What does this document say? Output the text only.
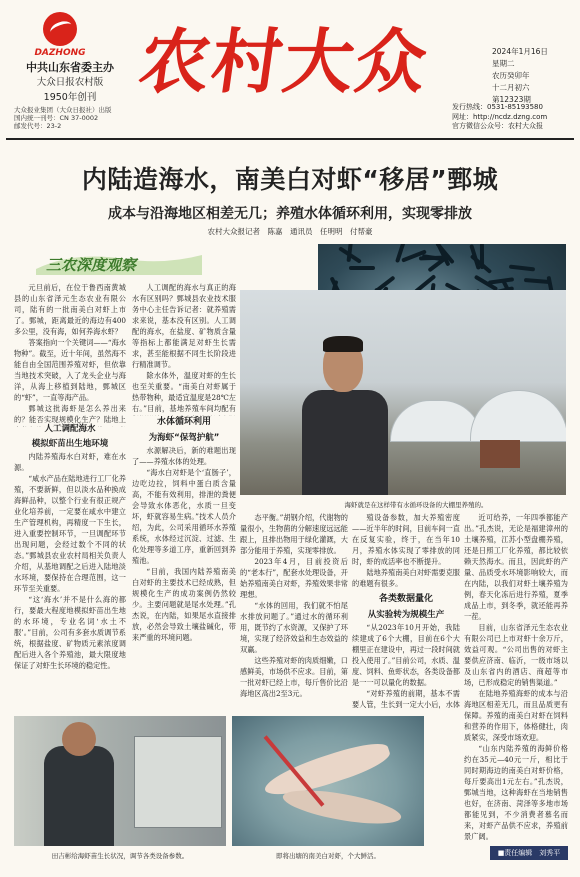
DAZHONG
中共山东省委主办
大众日报农村版
1950年创刊
大众报业集团（大众日报社）出版
国内统一刊号：CN 37-0002
邮发代号：23-2
农村大众	2024年1月16日
星期二
农历癸卯年
十二月初六
第12323期
发行热线：0531-85193580
网址：http://ncdz.dzng.com
官方微信公众号：农村大众报
内陆造海水，南美白对虾“移居”鄄城
成本与沿海地区相差无几；养殖水体循环利用，实现零排放
农村大众报记者　陈嘉　通讯员　任明明　付帮豪
三农深度观察

元旦前后，在位于鲁西南黄城县的山东省泽元生态农业有限公司，陆有的一批南美白对虾上市了。鄄城，距离最近的海边有400多公里，没有海，如何养海水虾？

答案指向一个关键词——“海水物种”。截至，近十年间，虽然海不能自由全国范围养殖对虾，但依靠当地技术突破，入了龙头企业与海洋，从海上移植到陆地，鄄城区的“虾”，一直等海产品。

鄄城这批海虾是怎么养出来的？能否实现规模化生产？陆地上

人工调配海水
模拟虾苗出生地环境

内陆养殖海水白对虾，难在水源。

“咸水产品在陆地进行工厂化养殖，不要新鲜，但以淡水品种换成海鲜品种，以整个行业有很正规产业化培养前，一定要在咸水中建立生产管理机构，再精度一下生长，进入重要控制环节，一旦调配环节出现问题，会经过数个不同的状态。”鄄城县农业农村局相关负责人介绍，从基地调配之后进入陆地淡水环境，要保持在合理范围，这一环节至关重要。

“这‘海水’并不是什么海的都行，要最大程度地模拟虾苗出生地的水环境，专业名词‘水土不服’。”目前，公司有多套水质调节系统，根据盐度、矿物质元素浓度调配后进入各个养殖池，最大限度地保证了对虾生长环境的稳定性。

人工调配的海水与真正的海水有区别吗？鄄城县农业技术服务中心主任告诉记者：就养殖需求来说，基本没有区别。人工调配的海水，在盐度、矿物质含量等指标上都能满足对虾生长需求，甚至能根据不同生长阶段进行精准调节。

除水体外，温度对虾的生长也至关重要。“南美白对虾属于热带物种，最适宜温度是28℃左右。”目前，基地养殖车间均配有

水体循环利用
为海虾“保驾护航”

水源解决后，新的难题出现了——养殖水体的处理。

“海水白对虾是个‘直肠子’，边吃边拉，饲料中蛋白质含量高，不能有效利用，排泄的粪便会导致水体恶化，水质一旦变坏，虾就容易生病。”技术人员介绍，为此，公司采用循环水养殖系统，水体经过沉淀、过滤、生化处理等多道工序，重新回到养殖池。

“目前，我国内陆养殖南美白对虾的主要技术已经成熟，但规模化生产的成功案例仍然较少。主要问题就是尾水处理。”孔杰说，在内陆，如果尾水直接排放，必然会导致土壤盐碱化，带来严重的环境问题。

海虾就是在这样带有水循环设备的大棚里养殖的。

态平衡。”胡钢介绍，代谢物的量很小，生物菌的分解速度远远能跟上，且排出物用于绿化灌溉，大部分能用于养殖，实现零排放。

2023年4月，目前投资后的“老本行”，配套水处理设备，开始养殖南美白对虾，养殖效果非常理想。

“水体的回用，我们就不怕尾水排放问题了。”通过水的循环利用，既节约了水资源，又保护了环境，实现了经济效益和生态效益的双赢。

这些养殖对虾的肉质细嫩，口感鲜美，市场供不应求。目前，第一批对虾已经上市，每斤售价比沿海地区高出2至3元。

殖设备参数，加大养殖密度——近半年的时间，目前车间一直在反复实验，终于，在当年10月，养殖水体实现了零排放的同时，虾的成活率也不断提升。

陆地养殖南美白对虾需要克服的难题有很多。

各类数据量化
从实验转为规模生产

“从2023年10月开始，我陆续建成了6个大棚，目前在6个大棚里正在建设中，再过一段时间就投入使用了。”目前公司，水质、温度、饲料、鱼虾状态，各类设备都是一一可以量化的数据。

“对虾养殖的前期，基本不需要人管，生长到一定大小后，水体

近可给养，一年四季都能产出。”孔杰说，无论是福建漳州的土壤养殖，江苏小型盘棚养殖，还是日照工厂化养殖，都比较依赖天然海水。而且，因此虾的产量、品质受水环境影响较大，而在内陆，以我们对虾土壤养殖为例，春天化冻后进行养殖，夏季成品上市，到冬季，就还能再养一茬。

目前，山东省泽元生态农业有限公司已上市对虾十余万斤，效益可观。“公司出售的对虾主要供应济南、临沂，一级市场以及山东省内的酒店、商超等市场，已形成稳定的销售渠道。”

在陆地养殖海虾的成本与沿海地区相差无几，而且品质更有保障。养殖的南美白对虾在饲料和营养的作用下，体格健壮，肉质紧实，深受市场欢迎。

“山东内陆养殖的海鲜价格约在35元—40元一斤，相比于同时期海边的南美白对虾价格，每斤要高出1元左右。”孔杰说，鄄城当地，这种海虾在当地销售也好，在济南、菏泽等多地市场都能见到，不少消费者慕名而来，对虾产品供不应求，养殖前景广阔。

田吉彬给海虾苗生长状况，调节各类设备参数。	即将出塘的南美白对虾，个大鲜活。	■责任编辑　刘秀平
